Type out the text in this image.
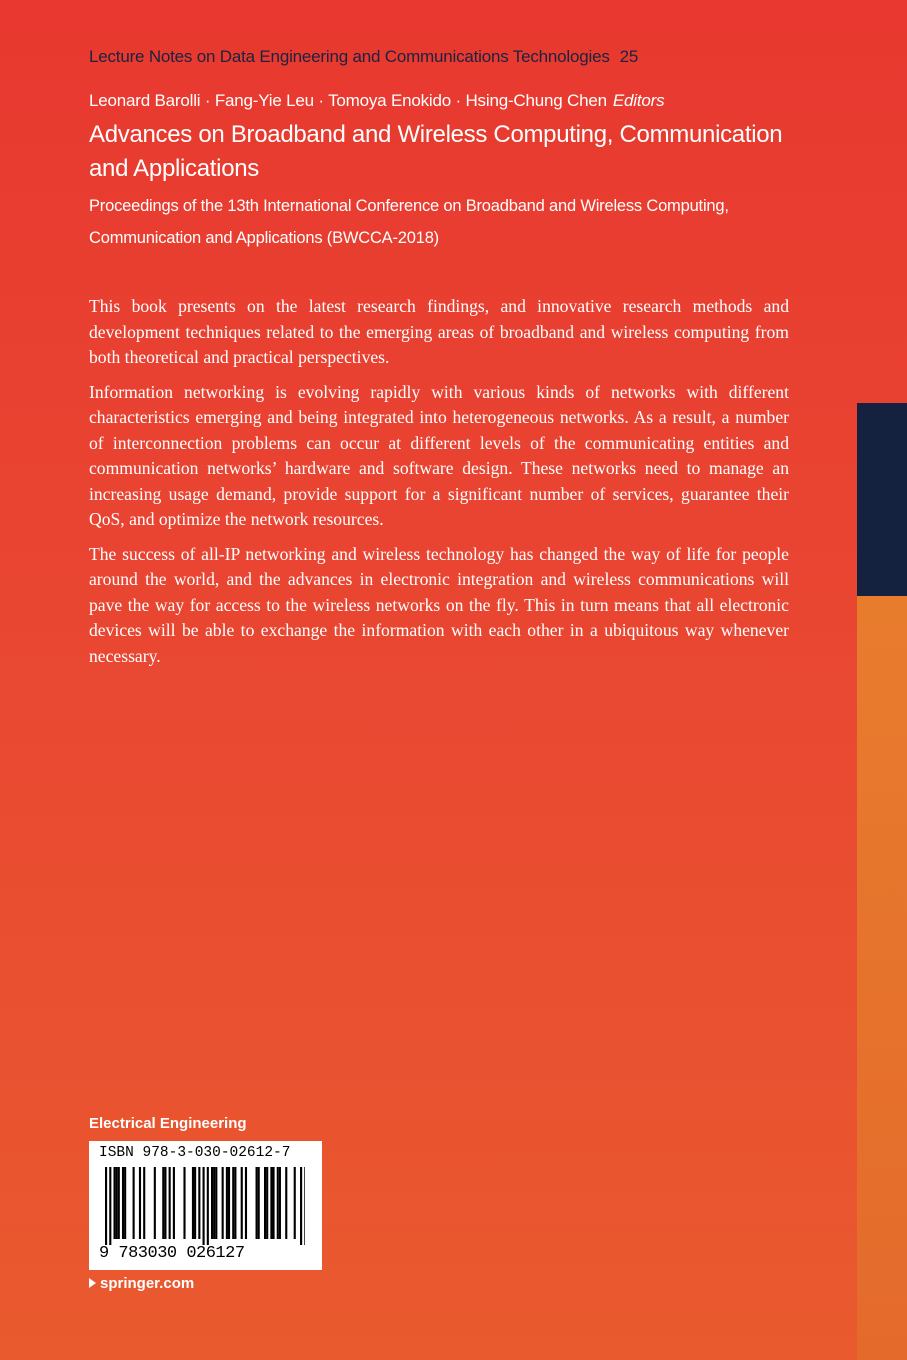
Lecture Notes on Data Engineering and Communications Technologies 25
Leonard Barolli · Fang-Yie Leu · Tomoya Enokido · Hsing-Chung Chen Editors
Advances on Broadband and Wireless Computing, Communication and Applications
Proceedings of the 13th International Conference on Broadband and Wireless Computing, Communication and Applications (BWCCA-2018)

This book presents on the latest research findings, and innovative research methods and development techniques related to the emerging areas of broadband and wireless computing from both theoretical and practical perspectives.

Information networking is evolving rapidly with various kinds of networks with different characteristics emerging and being integrated into heterogeneous networks. As a result, a number of interconnection problems can occur at different levels of the communicating entities and communication networks’ hardware and software design. These networks need to manage an increasing usage demand, provide support for a significant number of services, guarantee their QoS, and optimize the network resources.

The success of all-IP networking and wireless technology has changed the way of life for people around the world, and the advances in electronic integration and wireless communications will pave the way for access to the wireless networks on the fly. This in turn means that all electronic devices will be able to exchange the information with each other in a ubiquitous way whenever necessary.

Electrical Engineering
ISBN 978-3-030-02612-7
9 783030 026127
springer.com
